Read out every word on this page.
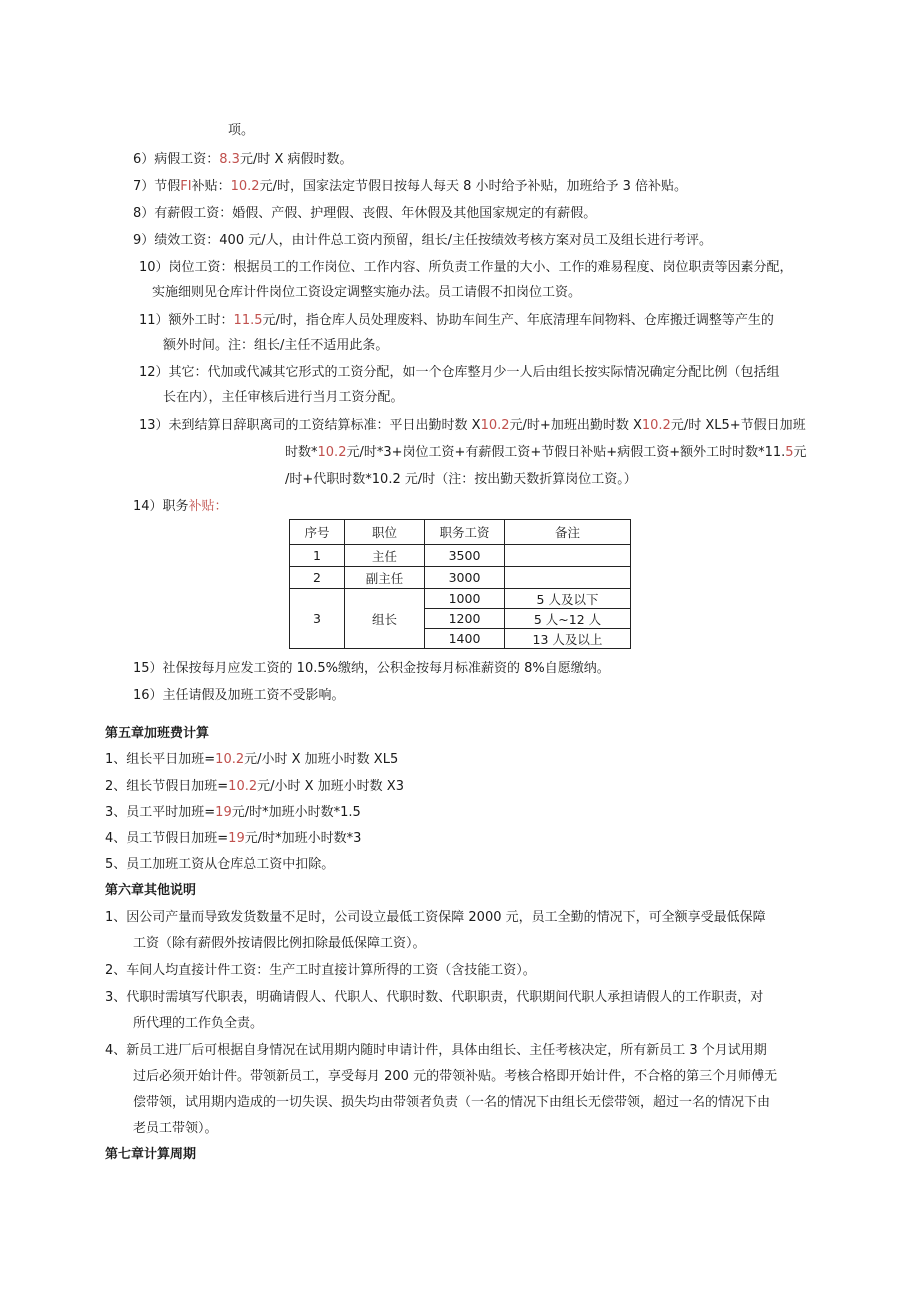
项。
6）病假工资：8.3元/时 X 病假时数。
7）节假FI补贴：10.2元/时，国家法定节假日按每人每天 8 小时给予补贴，加班给予 3 倍补贴。
8）有薪假工资：婚假、产假、护理假、丧假、年休假及其他国家规定的有薪假。
9）绩效工资：400 元/人，由计件总工资内预留，组长/主任按绩效考核方案对员工及组长进行考评。
10）岗位工资：根据员工的工作岗位、工作内容、所负责工作量的大小、工作的难易程度、岗位职责等因素分配，
实施细则见仓库计件岗位工资设定调整实施办法。员工请假不扣岗位工资。
11）额外工时：11.5元/时，指仓库人员处理废料、协助车间生产、年底清理车间物料、仓库搬迁调整等产生的
额外时间。注：组长/主任不适用此条。
12）其它：代加或代减其它形式的工资分配，如一个仓库整月少一人后由组长按实际情况确定分配比例（包括组
长在内），主任审核后进行当月工资分配。
13）未到结算日辞职离司的工资结算标准：平日出勤时数 X10.2元/时+加班出勤时数 X10.2元/时 XL5+节假日加班
时数*10.2元/时*3+岗位工资+有薪假工资+节假日补贴+病假工资+额外工时时数*11.5元
/时+代职时数*10.2 元/时（注：按出勤天数折算岗位工资。）
14）职务补贴：
序号	职位	职务工资	备注
1	主任	3500	
2	副主任	3000	
3	组长	1000	5 人及以下
		1200	5 人~12 人
		1400	13 人及以上
15）社保按每月应发工资的 10.5%缴纳，公积金按每月标准薪资的 8%自愿缴纳。
16）主任请假及加班工资不受影响。
第五章加班费计算
1、组长平日加班=10.2元/小时 X 加班小时数 XL5
2、组长节假日加班=10.2元/小时 X 加班小时数 X3
3、员工平时加班=19元/时*加班小时数*1.5
4、员工节假日加班=19元/时*加班小时数*3
5、员工加班工资从仓库总工资中扣除。
第六章其他说明
1、因公司产量而导致发货数量不足时，公司设立最低工资保障 2000 元，员工全勤的情况下，可全额享受最低保障
工资（除有薪假外按请假比例扣除最低保障工资）。
2、车间人均直接计件工资：生产工时直接计算所得的工资（含技能工资）。
3、代职时需填写代职表，明确请假人、代职人、代职时数、代职职责，代职期间代职人承担请假人的工作职责，对
所代理的工作负全责。
4、新员工进厂后可根据自身情况在试用期内随时申请计件，具体由组长、主任考核决定，所有新员工 3 个月试用期
过后必须开始计件。带领新员工，享受每月 200 元的带领补贴。考核合格即开始计件，不合格的第三个月师傅无
偿带领，试用期内造成的一切失误、损失均由带领者负责（一名的情况下由组长无偿带领，超过一名的情况下由
老员工带领）。
第七章计算周期
